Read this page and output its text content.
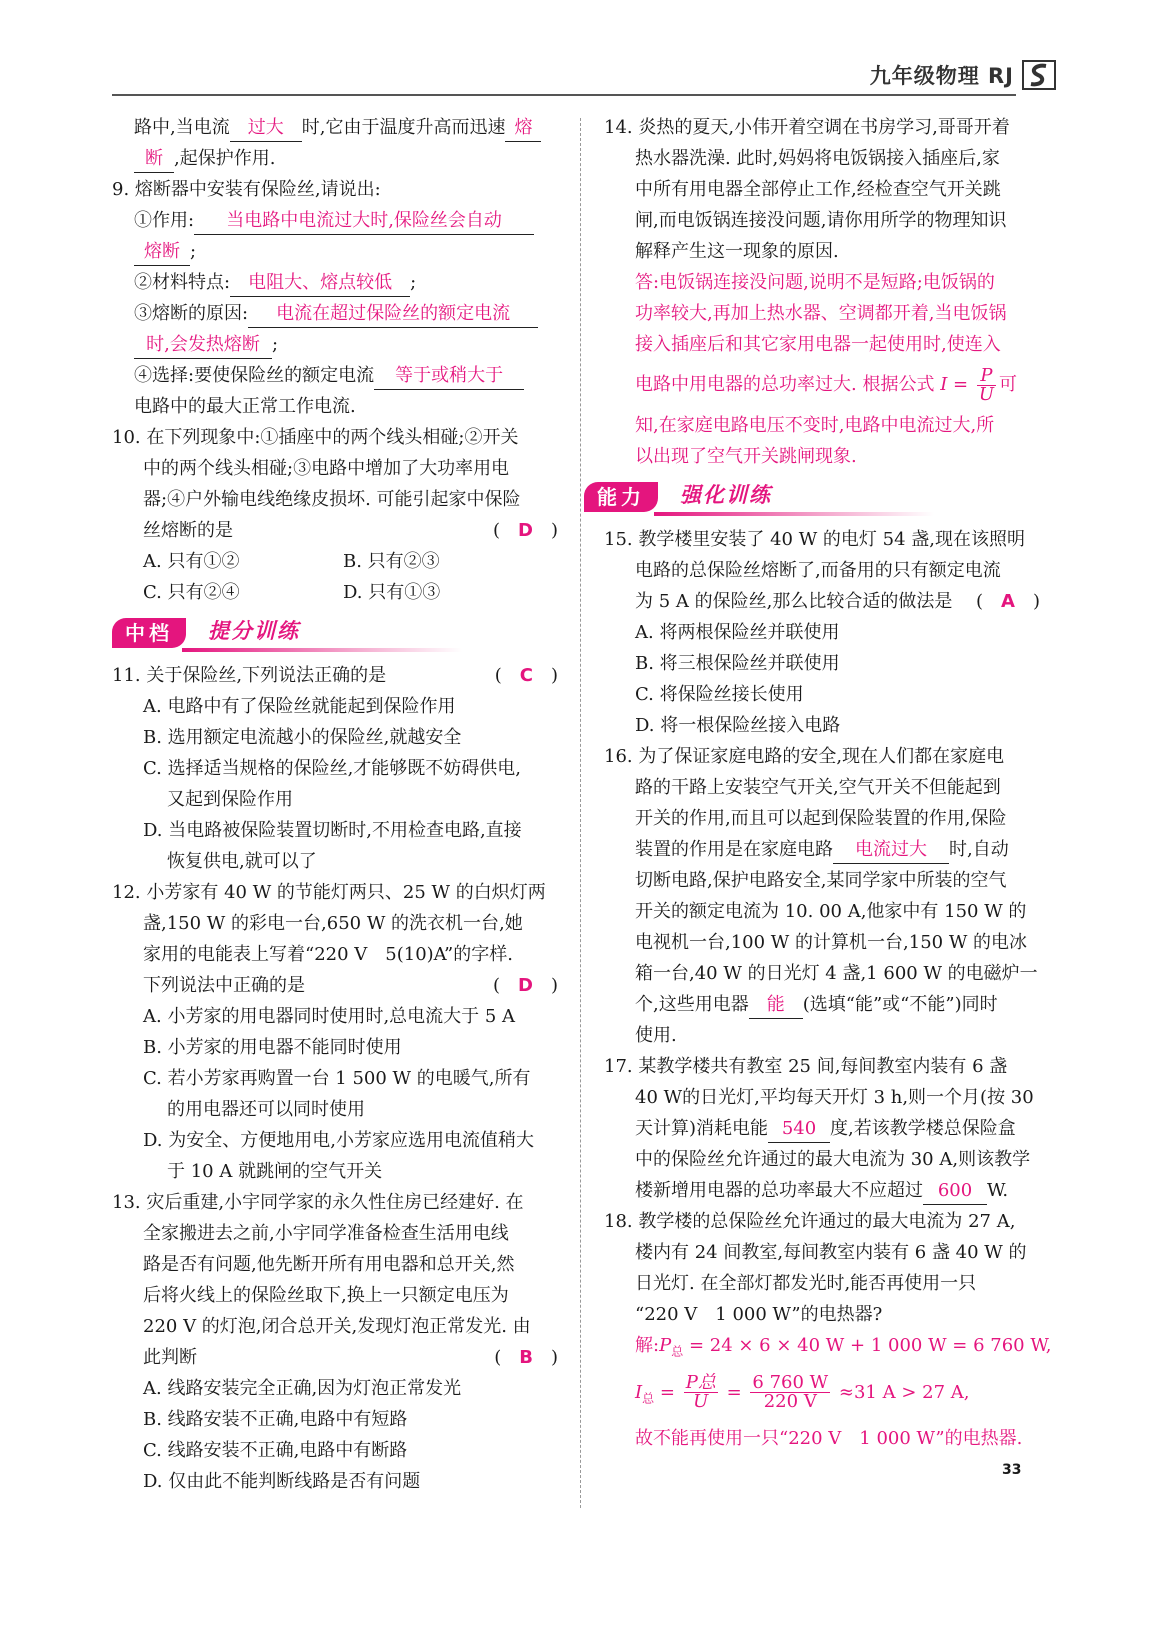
九年级物理 RJ
路中,当电流 过大 时,它由于温度升高而迅速 熔
断 ,起保护作用.
9. 熔断器中安装有保险丝,请说出:
①作用: 当电路中电流过大时,保险丝会自动
熔断 ;
②材料特点: 电阻大、熔点较低 ;
③熔断的原因: 电流在超过保险丝的额定电流
时,会发热熔断 ;
④选择:要使保险丝的额定电流 等于或稍大于
电路中的最大正常工作电流.
10. 在下列现象中:①插座中的两个线头相碰;②开关
中的两个线头相碰;③电路中增加了大功率用电
器;④户外输电线绝缘皮损坏. 可能引起家中保险
丝熔断的是	(　D　)
A. 只有①②	B. 只有②③
C. 只有②④	D. 只有①③
中档	提分训练
11. 关于保险丝,下列说法正确的是	(　C　)
A. 电路中有了保险丝就能起到保险作用
B. 选用额定电流越小的保险丝,就越安全
C. 选择适当规格的保险丝,才能够既不妨碍供电,
又起到保险作用
D. 当电路被保险装置切断时,不用检查电路,直接
恢复供电,就可以了
12. 小芳家有 40 W 的节能灯两只、25 W 的白炽灯两
盏,150 W 的彩电一台,650 W 的洗衣机一台,她
家用的电能表上写着“220 V　5(10)A”的字样.
下列说法中正确的是	(　D　)
A. 小芳家的用电器同时使用时,总电流大于 5 A
B. 小芳家的用电器不能同时使用
C. 若小芳家再购置一台 1 500 W 的电暖气,所有
的用电器还可以同时使用
D. 为安全、方便地用电,小芳家应选用电流值稍大
于 10 A 就跳闸的空气开关
13. 灾后重建,小宇同学家的永久性住房已经建好. 在
全家搬进去之前,小宇同学准备检查生活用电线
路是否有问题,他先断开所有用电器和总开关,然
后将火线上的保险丝取下,换上一只额定电压为
220 V 的灯泡,闭合总开关,发现灯泡正常发光. 由
此判断	(　B　)
A. 线路安装完全正确,因为灯泡正常发光
B. 线路安装不正确,电路中有短路
C. 线路安装不正确,电路中有断路
D. 仅由此不能判断线路是否有问题
14. 炎热的夏天,小伟开着空调在书房学习,哥哥开着
热水器洗澡. 此时,妈妈将电饭锅接入插座后,家
中所有用电器全部停止工作,经检查空气开关跳
闸,而电饭锅连接没问题,请你用所学的物理知识
解释产生这一现象的原因.
答:电饭锅连接没问题,说明不是短路;电饭锅的
功率较大,再加上热水器、空调都开着,当电饭锅
接入插座后和其它家用电器一起使用时,使连入
电路中用电器的总功率过大. 根据公式 $I = \frac{P}{U}$ 可
知,在家庭电路电压不变时,电路中电流过大,所
以出现了空气开关跳闸现象.
能力	强化训练
15. 教学楼里安装了 40 W 的电灯 54 盏,现在该照明
电路的总保险丝熔断了,而备用的只有额定电流
为 5 A 的保险丝,那么比较合适的做法是 (　A　)
A. 将两根保险丝并联使用
B. 将三根保险丝并联使用
C. 将保险丝接长使用
D. 将一根保险丝接入电路
16. 为了保证家庭电路的安全,现在人们都在家庭电
路的干路上安装空气开关,空气开关不但能起到
开关的作用,而且可以起到保险装置的作用,保险
装置的作用是在家庭电路 电流过大 时,自动
切断电路,保护电路安全,某同学家中所装的空气
开关的额定电流为 10. 00 A,他家中有 150 W 的
电视机一台,100 W 的计算机一台,150 W 的电冰
箱一台,40 W 的日光灯 4 盏,1 600 W 的电磁炉一
个,这些用电器 能 (选填“能”或“不能”)同时
使用.
17. 某教学楼共有教室 25 间,每间教室内装有 6 盏
40 W的日光灯,平均每天开灯 3 h,则一个月(按 30
天计算)消耗电能 540 度,若该教学楼总保险盒
中的保险丝允许通过的最大电流为 30 A,则该教学
楼新增用电器的总功率最大不应超过 600 W.
18. 教学楼的总保险丝允许通过的最大电流为 27 A,
楼内有 24 间教室,每间教室内装有 6 盏 40 W 的
日光灯. 在全部灯都发光时,能否再使用一只
“220 V　1 000 W”的电热器?
解$:P_总 = 24 \times 6 \times 40$ W + 1 000 W = 6 760 W,
$I_总 = \frac{\text{P总}}{U} = \frac{6 760 W}{220 V} \approx 31$ A > 27 A,
故不能再使用一只“220 V　1 000 W”的电热器.
33
